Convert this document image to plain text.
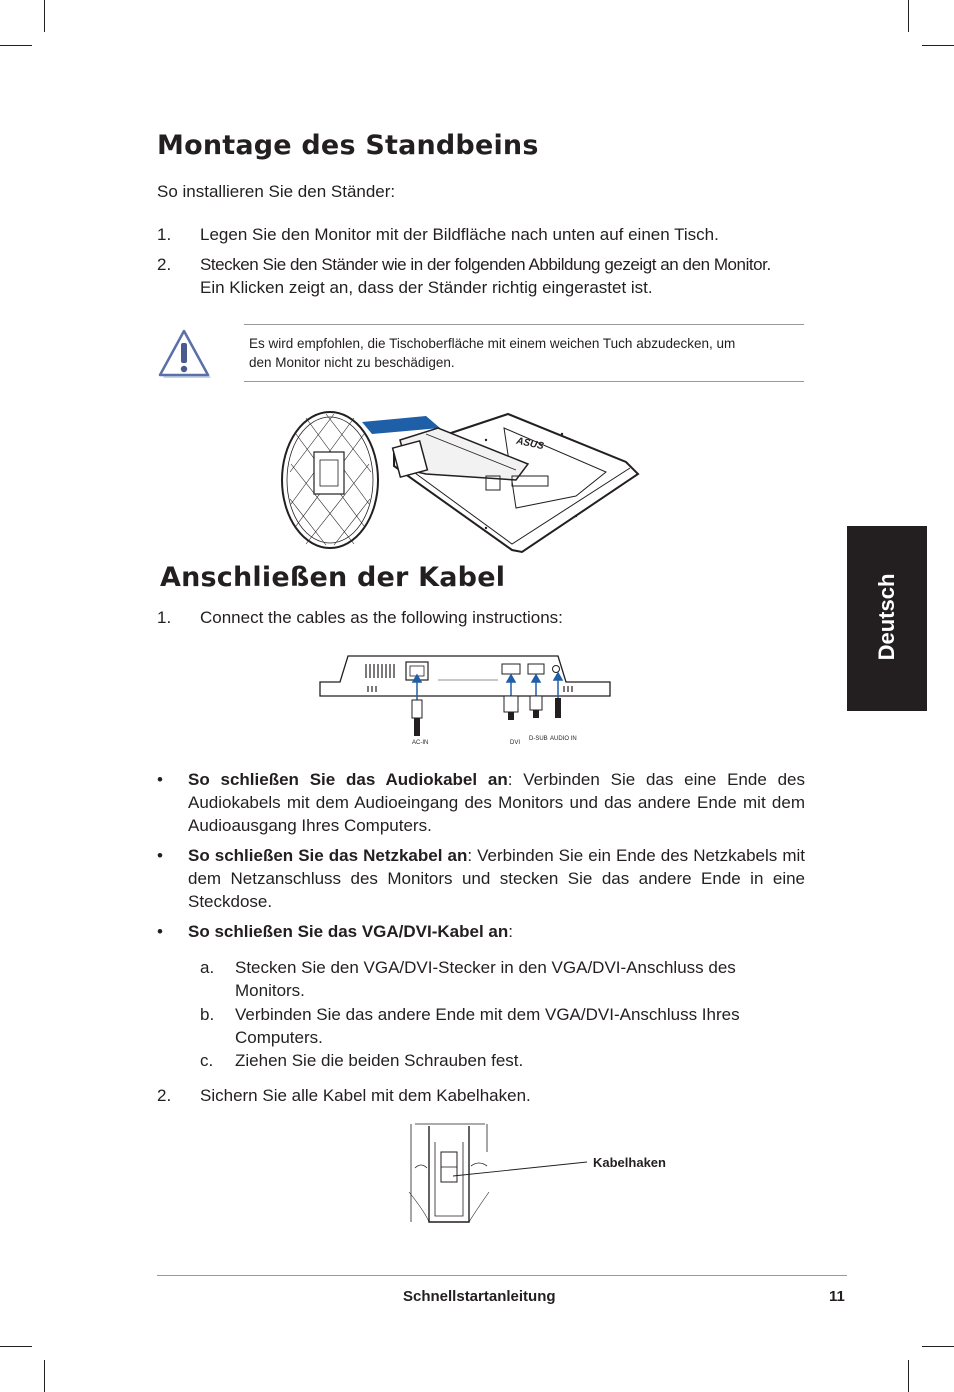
Montage des Standbeins
So installieren Sie den Ständer:
1. Legen Sie den Monitor mit der Bildfläche nach unten auf einen Tisch.
2. Stecken Sie den Ständer wie in der folgenden Abbildung gezeigt an den Monitor.
Ein Klicken zeigt an, dass der Ständer richtig eingerastet ist.
Es wird empfohlen, die Tischoberfläche mit einem weichen Tuch abzudecken, um
den Monitor nicht zu beschädigen.
ASUS
Anschließen der Kabel
1. Connect the cables as the following instructions:
AC-IN	DVI
D-SUB AUDIO IN
• So schließen Sie das Audiokabel an: Verbinden Sie das eine Ende des Audiokabels mit dem Audioeingang des Monitors und das andere Ende mit dem Audioausgang Ihres Computers.
• So schließen Sie das Netzkabel an: Verbinden Sie ein Ende des Netzkabels mit dem Netzanschluss des Monitors und stecken Sie das andere Ende in eine Steckdose.
• So schließen Sie das VGA/DVI-Kabel an:
a. Stecken Sie den VGA/DVI-Stecker in den VGA/DVI-Anschluss des
Monitors.
b. Verbinden Sie das andere Ende mit dem VGA/DVI-Anschluss Ihres
Computers.
c. Ziehen Sie die beiden Schrauben fest.
2. Sichern Sie alle Kabel mit dem Kabelhaken.
Kabelhaken
Deutsch
Schnellstartanleitung	11
